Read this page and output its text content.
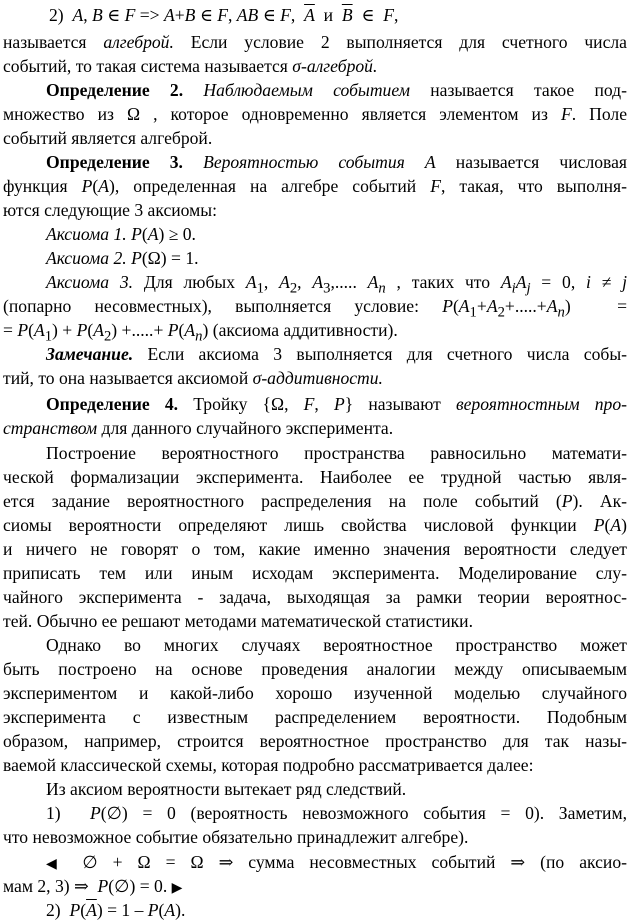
2)  A, B ∈ F => A+B ∈ F, AB ∈ F,  $\overline{A}$  и  $\overline{B}$  ∈  F,
называется алгеброй. Если условие 2 выполняется для счетного числа
событий, то такая система называется σ-алгеброй.
Определение 2. Наблюдаемым событием называется такое под-
множество из Ω , которое одновременно является элементом из F. Поле
событий является алгеброй.
Определение 3. Вероятностью события A называется числовая
функция P(A), определенная на алгебре событий F, такая, что выполня-
ются следующие 3 аксиомы:
Аксиома 1. P(A) ≥ 0.
Аксиома 2. P(Ω) = 1.
Аксиома 3. Для любых $A_1$, $A_2$, $A_3$,..... $A_n$ , таких что $A_iA_j = 0$, i ≠ j
(попарно несовместных), выполняется условие: $P(A_1+A_2+.....+A_n)$  =
= $P(A_1) + P(A_2)$ +.....+ $P(A_n)$ (аксиома аддитивности).
Замечание. Если аксиома 3 выполняется для счетного числа собы-
тий, то она называется аксиомой σ-аддитивности.
Определение 4. Тройку {Ω, F, P} называют вероятностным про-
странством для данного случайного эксперимента.
Построение вероятностного пространства равносильно математи-
ческой формализации эксперимента. Наиболее ее трудной частью явля-
ется задание вероятностного распределения на поле событий (P). Ак-
сиомы вероятности определяют лишь свойства числовой функции P(A)
и ничего не говорят о том, какие именно значения вероятности следует
приписать тем или иным исходам эксперимента. Моделирование слу-
чайного эксперимента - задача, выходящая за рамки теории вероятнос-
тей. Обычно ее решают методами математической статистики.
Однако во многих случаях вероятностное пространство может
быть построено на основе проведения аналогии между описываемым
экспериментом и какой-либо хорошо изученной моделью случайного
эксперимента с известным распределением вероятности. Подобным
образом, например, строится вероятностное пространство для так назы-
ваемой классической схемы, которая подробно рассматривается далее:
Из аксиом вероятности вытекает ряд следствий.
1)  P(∅) = 0 (вероятность невозможного события = 0). Заметим,
что невозможное событие обязательно принадлежит алгебре).
◀ ∅ + Ω = Ω ⇒ сумма несовместных событий ⇒ (по аксио-
мам 2, 3) ⇒  P(∅) = 0. ▶
2)  $P(\overline{A}) = 1 - P(A)$.
